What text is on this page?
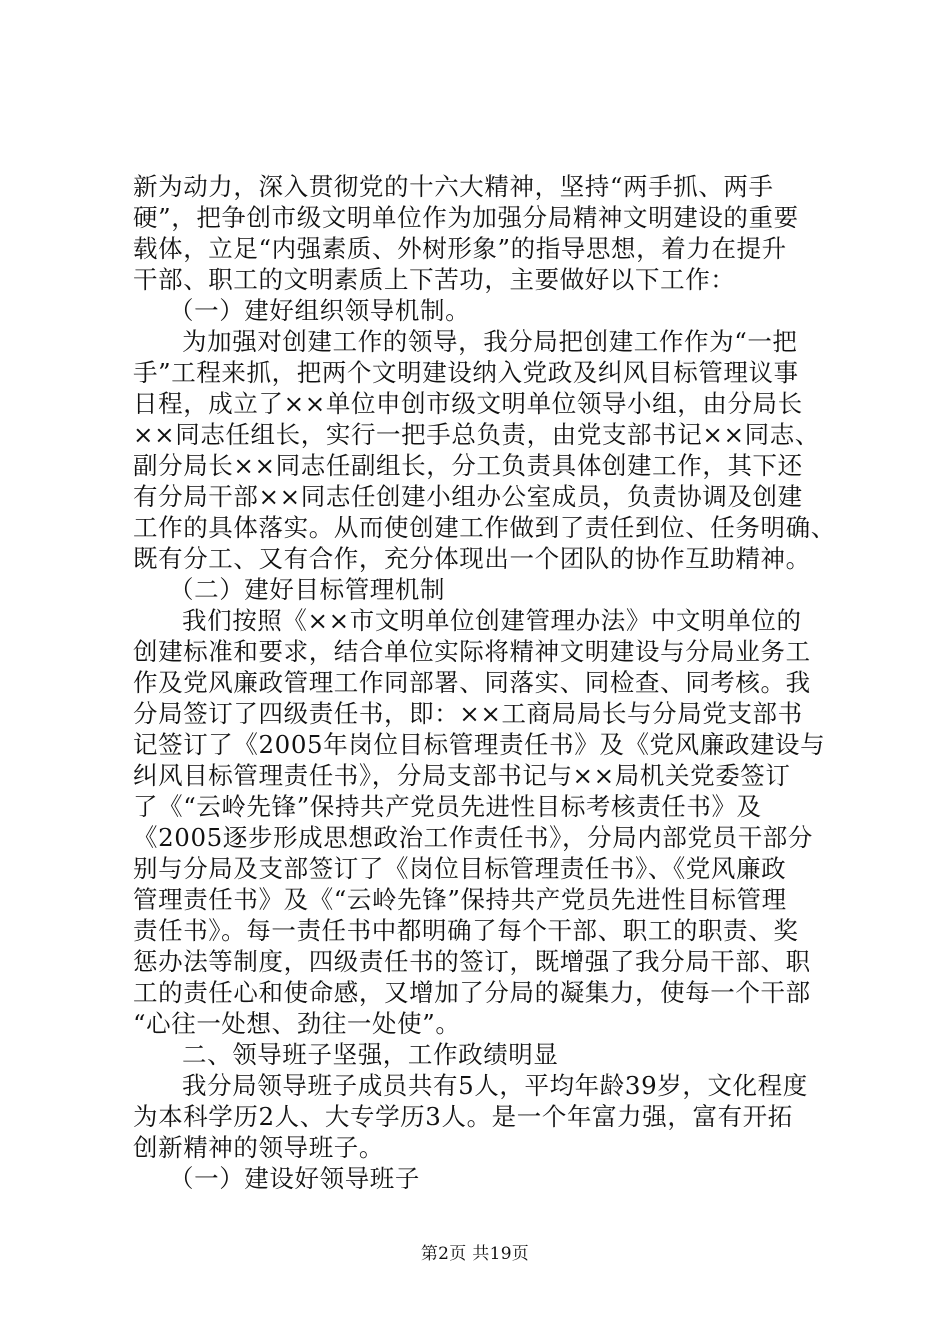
新为动力，深入贯彻党的十六大精神，坚持“两手抓、两手
硬”，把争创市级文明单位作为加强分局精神文明建设的重要
载体，立足“内强素质、外树形象”的指导思想，着力在提升
干部、职工的文明素质上下苦功，主要做好以下工作：
（一）建好组织领导机制。
为加强对创建工作的领导，我分局把创建工作作为“一把
手”工程来抓，把两个文明建设纳入党政及纠风目标管理议事
日程，成立了××单位申创市级文明单位领导小组，由分局长
××同志任组长，实行一把手总负责，由党支部书记××同志、
副分局长××同志任副组长，分工负责具体创建工作，其下还
有分局干部××同志任创建小组办公室成员，负责协调及创建
工作的具体落实。从而使创建工作做到了责任到位、任务明确、
既有分工、又有合作，充分体现出一个团队的协作互助精神。
（二）建好目标管理机制
我们按照《××市文明单位创建管理办法》中文明单位的
创建标准和要求，结合单位实际将精神文明建设与分局业务工
作及党风廉政管理工作同部署、同落实、同检查、同考核。我
分局签订了四级责任书，即：××工商局局长与分局党支部书
记签订了《2005年岗位目标管理责任书》及《党风廉政建设与
纠风目标管理责任书》，分局支部书记与××局机关党委签订
了《“云岭先锋”保持共产党员先进性目标考核责任书》及
《2005逐步形成思想政治工作责任书》，分局内部党员干部分
别与分局及支部签订了《岗位目标管理责任书》、《党风廉政
管理责任书》及《“云岭先锋”保持共产党员先进性目标管理
责任书》。每一责任书中都明确了每个干部、职工的职责、奖
惩办法等制度，四级责任书的签订，既增强了我分局干部、职
工的责任心和使命感，又增加了分局的凝集力，使每一个干部
“心往一处想、劲往一处使”。
二、领导班子坚强，工作政绩明显
我分局领导班子成员共有5人，平均年龄39岁，文化程度
为本科学历2人、大专学历3人。是一个年富力强，富有开拓
创新精神的领导班子。
（一）建设好领导班子
第2页 共19页
